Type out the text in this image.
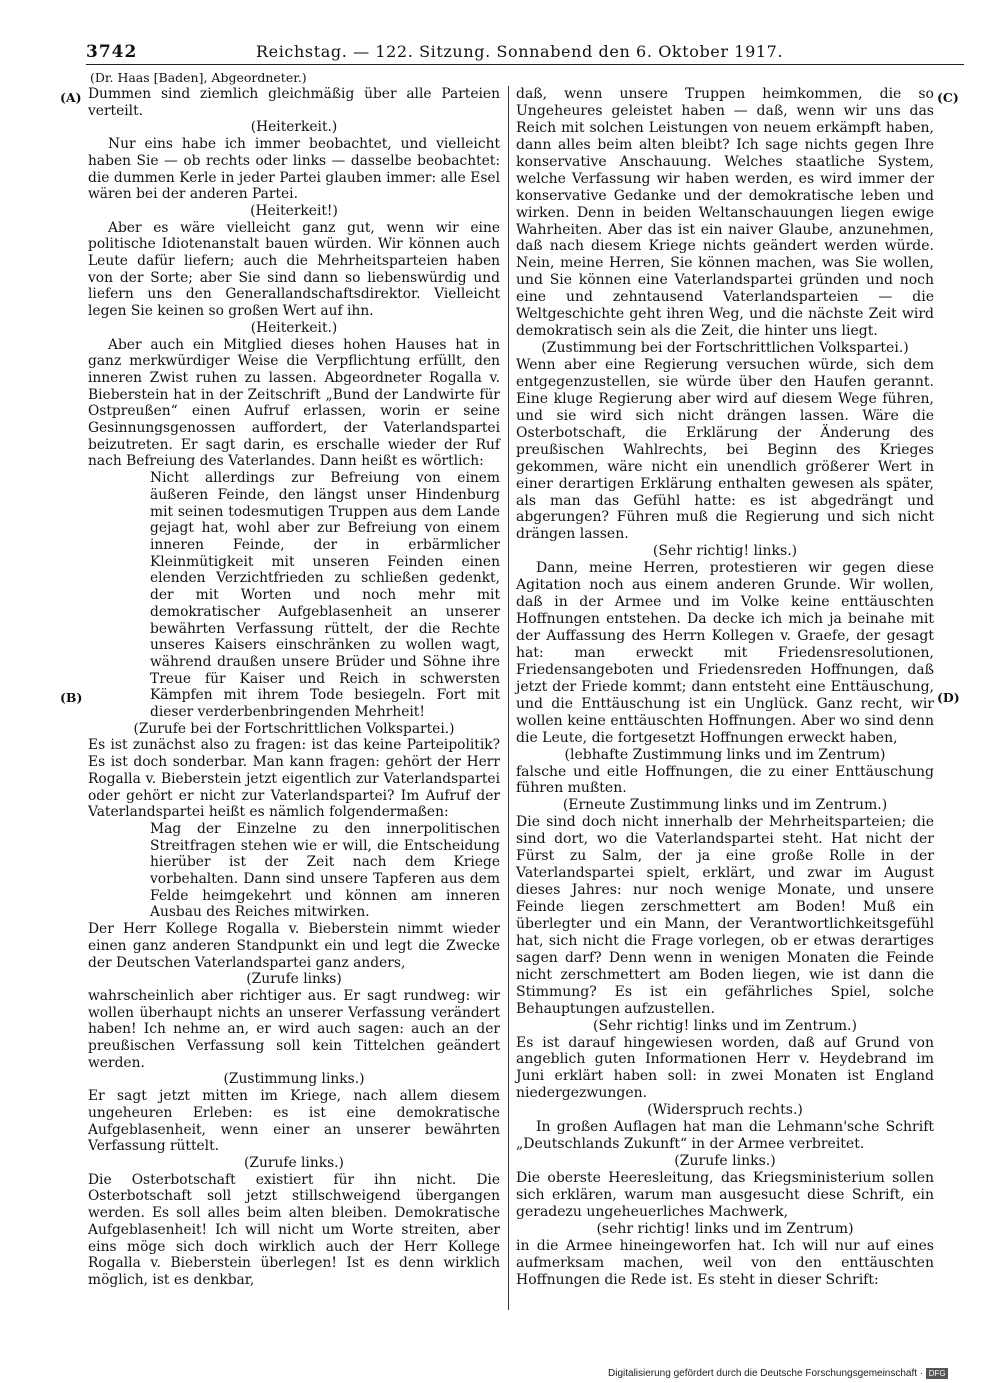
3742	Reichstag. — 122. Sitzung. Sonnabend den 6. Oktober 1917.
(Dr. Haas [Baden], Abgeordneter.)
(A)
(B)
(C)
(D)

Dummen sind ziemlich gleichmäßig über alle Parteien verteilt.

(Heiterkeit.)

Nur eins habe ich immer beobachtet, und vielleicht haben Sie — ob rechts oder links — dasselbe beobachtet: die dummen Kerle in jeder Partei glauben immer: alle Esel wären bei der anderen Partei.

(Heiterkeit!)

Aber es wäre vielleicht ganz gut, wenn wir eine politische Idiotenanstalt bauen würden. Wir können auch Leute dafür liefern; auch die Mehrheitsparteien haben von der Sorte; aber Sie sind dann so liebenswürdig und liefern uns den Generallandschaftsdirektor. Vielleicht legen Sie keinen so großen Wert auf ihn.

(Heiterkeit.)

Aber auch ein Mitglied dieses hohen Hauses hat in ganz merkwürdiger Weise die Verpflichtung erfüllt, den inneren Zwist ruhen zu lassen. Abgeordneter Rogalla v. Bieberstein hat in der Zeitschrift „Bund der Landwirte für Ostpreußen“ einen Aufruf erlassen, worin er seine Gesinnungsgenossen auffordert, der Vaterlandspartei beizutreten. Er sagt darin, es erschalle wieder der Ruf nach Befreiung des Vaterlandes. Dann heißt es wörtlich:

Nicht allerdings zur Befreiung von einem äußeren Feinde, den längst unser Hindenburg mit seinen todesmutigen Truppen aus dem Lande gejagt hat, wohl aber zur Befreiung von einem inneren Feinde, der in erbärmlicher Kleinmütigkeit mit unseren Feinden einen elenden Verzichtfrieden zu schließen gedenkt, der mit Worten und noch mehr mit demokratischer Aufgeblasenheit an unserer bewährten Verfassung rüttelt, der die Rechte unseres Kaisers einschränken zu wollen wagt, während draußen unsere Brüder und Söhne ihre Treue für Kaiser und Reich in schwersten Kämpfen mit ihrem Tode besiegeln. Fort mit dieser verderbenbringenden Mehrheit!

(Zurufe bei der Fortschrittlichen Volkspartei.)

Es ist zunächst also zu fragen: ist das keine Parteipolitik? Es ist doch sonderbar. Man kann fragen: gehört der Herr Rogalla v. Bieberstein jetzt eigentlich zur Vaterlandspartei oder gehört er nicht zur Vaterlandspartei? Im Aufruf der Vaterlandspartei heißt es nämlich folgendermaßen:

Mag der Einzelne zu den innerpolitischen Streitfragen stehen wie er will, die Entscheidung hierüber ist der Zeit nach dem Kriege vorbehalten. Dann sind unsere Tapferen aus dem Felde heimgekehrt und können am inneren Ausbau des Reiches mitwirken.

Der Herr Kollege Rogalla v. Bieberstein nimmt wieder einen ganz anderen Standpunkt ein und legt die Zwecke der Deutschen Vaterlandspartei ganz anders,

(Zurufe links)

wahrscheinlich aber richtiger aus. Er sagt rundweg: wir wollen überhaupt nichts an unserer Verfassung verändert haben! Ich nehme an, er wird auch sagen: auch an der preußischen Verfassung soll kein Tittelchen geändert werden.

(Zustimmung links.)

Er sagt jetzt mitten im Kriege, nach allem diesem ungeheuren Erleben: es ist eine demokratische Aufgeblasenheit, wenn einer an unserer bewährten Verfassung rüttelt.

(Zurufe links.)

Die Osterbotschaft existiert für ihn nicht. Die Osterbotschaft soll jetzt stillschweigend übergangen werden. Es soll alles beim alten bleiben. Demokratische Aufgeblasenheit! Ich will nicht um Worte streiten, aber eins möge sich doch wirklich auch der Herr Kollege Rogalla v. Bieberstein überlegen! Ist es denn wirklich möglich, ist es denkbar,

daß, wenn unsere Truppen heimkommen, die so Ungeheures geleistet haben — daß, wenn wir uns das Reich mit solchen Leistungen von neuem erkämpft haben, dann alles beim alten bleibt? Ich sage nichts gegen Ihre konservative Anschauung. Welches staatliche System, welche Verfassung wir haben werden, es wird immer der konservative Gedanke und der demokratische leben und wirken. Denn in beiden Weltanschauungen liegen ewige Wahrheiten. Aber das ist ein naiver Glaube, anzunehmen, daß nach diesem Kriege nichts geändert werden würde. Nein, meine Herren, Sie können machen, was Sie wollen, und Sie können eine Vaterlandspartei gründen und noch eine und zehntausend Vaterlandsparteien — die Weltgeschichte geht ihren Weg, und die nächste Zeit wird demokratisch sein als die Zeit, die hinter uns liegt.

(Zustimmung bei der Fortschrittlichen Volkspartei.)

Wenn aber eine Regierung versuchen würde, sich dem entgegenzustellen, sie würde über den Haufen gerannt. Eine kluge Regierung aber wird auf diesem Wege führen, und sie wird sich nicht drängen lassen. Wäre die Osterbotschaft, die Erklärung der Änderung des preußischen Wahlrechts, bei Beginn des Krieges gekommen, wäre nicht ein unendlich größerer Wert in einer derartigen Erklärung enthalten gewesen als später, als man das Gefühl hatte: es ist abgedrängt und abgerungen? Führen muß die Regierung und sich nicht drängen lassen.

(Sehr richtig! links.)

Dann, meine Herren, protestieren wir gegen diese Agitation noch aus einem anderen Grunde. Wir wollen, daß in der Armee und im Volke keine enttäuschten Hoffnungen entstehen. Da decke ich mich ja beinahe mit der Auffassung des Herrn Kollegen v. Graefe, der gesagt hat: man erweckt mit Friedensresolutionen, Friedensangeboten und Friedensreden Hoffnungen, daß jetzt der Friede kommt; dann entsteht eine Enttäuschung, und die Enttäuschung ist ein Unglück. Ganz recht, wir wollen keine enttäuschten Hoffnungen. Aber wo sind denn die Leute, die fortgesetzt Hoffnungen erweckt haben,

(lebhafte Zustimmung links und im Zentrum)

falsche und eitle Hoffnungen, die zu einer Enttäuschung führen mußten.

(Erneute Zustimmung links und im Zentrum.)

Die sind doch nicht innerhalb der Mehrheitsparteien; die sind dort, wo die Vaterlandspartei steht. Hat nicht der Fürst zu Salm, der ja eine große Rolle in der Vaterlandspartei spielt, erklärt, und zwar im August dieses Jahres: nur noch wenige Monate, und unsere Feinde liegen zerschmettert am Boden! Muß ein überlegter und ein Mann, der Verantwortlichkeitsgefühl hat, sich nicht die Frage vorlegen, ob er etwas derartiges sagen darf? Denn wenn in wenigen Monaten die Feinde nicht zerschmettert am Boden liegen, wie ist dann die Stimmung? Es ist ein gefährliches Spiel, solche Behauptungen aufzustellen.

(Sehr richtig! links und im Zentrum.)

Es ist darauf hingewiesen worden, daß auf Grund von angeblich guten Informationen Herr v. Heydebrand im Juni erklärt haben soll: in zwei Monaten ist England niedergezwungen.

(Widerspruch rechts.)

In großen Auflagen hat man die Lehmann'sche Schrift „Deutschlands Zukunft“ in der Armee verbreitet.

(Zurufe links.)

Die oberste Heeresleitung, das Kriegsministerium sollen sich erklären, warum man ausgesucht diese Schrift, ein geradezu ungeheuerliches Machwerk,

(sehr richtig! links und im Zentrum)

in die Armee hineingeworfen hat. Ich will nur auf eines aufmerksam machen, weil von den enttäuschten Hoffnungen die Rede ist. Es steht in dieser Schrift:

Digitalisierung gefördert durch die Deutsche Forschungsgemeinschaft · DFG
